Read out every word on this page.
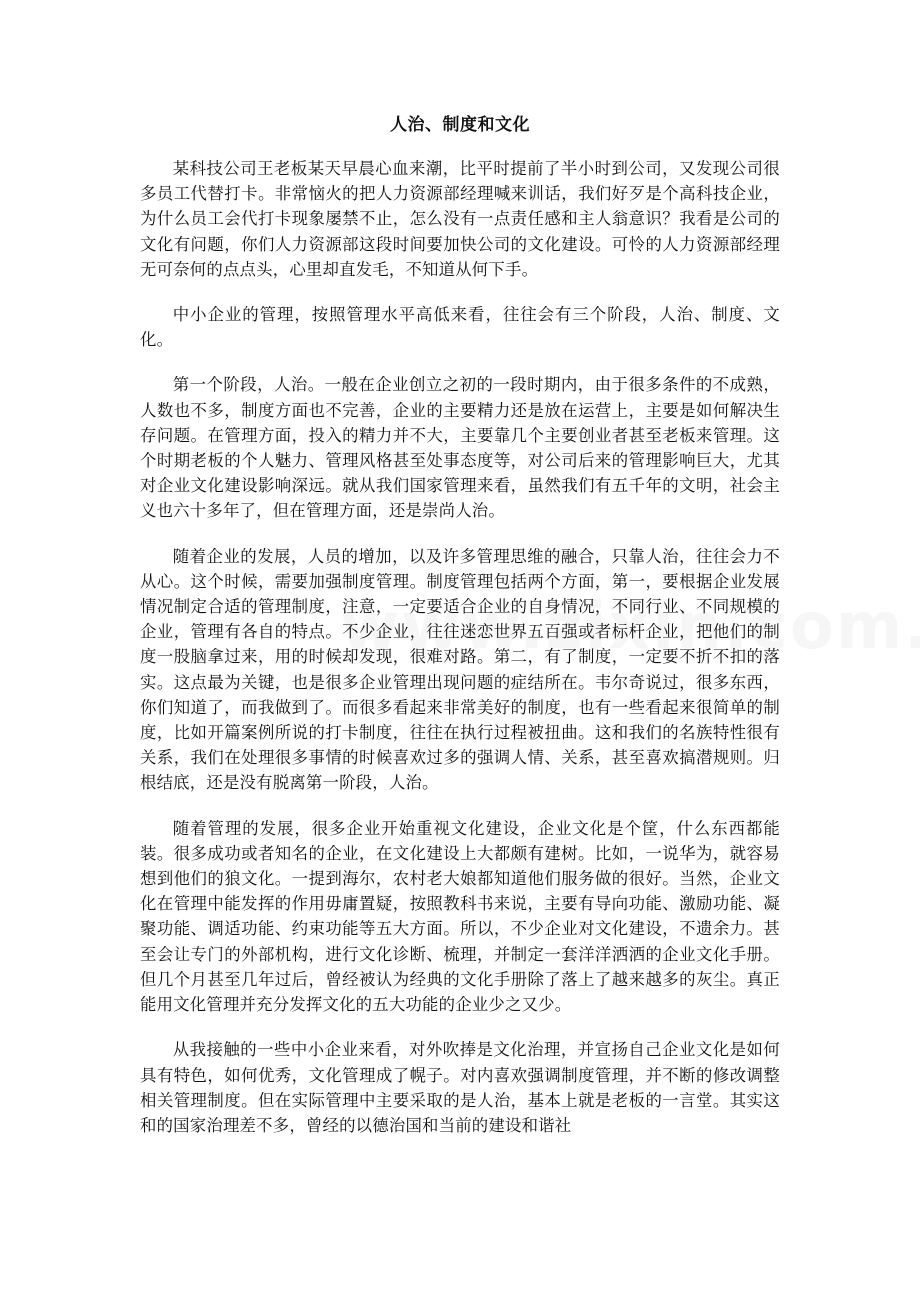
人治、制度和文化

某科技公司王老板某天早晨心血来潮，比平时提前了半小时到公司，又发现公司很多员工代替打卡。非常恼火的把人力资源部经理喊来训话，我们好歹是个高科技企业，为什么员工会代打卡现象屡禁不止，怎么没有一点责任感和主人翁意识？我看是公司的文化有问题，你们人力资源部这段时间要加快公司的文化建设。可怜的人力资源部经理无可奈何的点点头，心里却直发毛，不知道从何下手。

中小企业的管理，按照管理水平高低来看，往往会有三个阶段，人治、制度、文化。

第一个阶段，人治。一般在企业创立之初的一段时期内，由于很多条件的不成熟，人数也不多，制度方面也不完善，企业的主要精力还是放在运营上，主要是如何解决生存问题。在管理方面，投入的精力并不大，主要靠几个主要创业者甚至老板来管理。这个时期老板的个人魅力、管理风格甚至处事态度等，对公司后来的管理影响巨大，尤其对企业文化建设影响深远。就从我们国家管理来看，虽然我们有五千年的文明，社会主义也六十多年了，但在管理方面，还是崇尚人治。

随着企业的发展，人员的增加，以及许多管理思维的融合，只靠人治，往往会力不从心。这个时候，需要加强制度管理。制度管理包括两个方面，第一，要根据企业发展情况制定合适的管理制度，注意，一定要适合企业的自身情况，不同行业、不同规模的企业，管理有各自的特点。不少企业，往往迷恋世界五百强或者标杆企业，把他们的制度一股脑拿过来，用的时候却发现，很难对路。第二，有了制度，一定要不折不扣的落实。这点最为关键，也是很多企业管理出现问题的症结所在。韦尔奇说过，很多东西，你们知道了，而我做到了。而很多看起来非常美好的制度，也有一些看起来很简单的制度，比如开篇案例所说的打卡制度，往往在执行过程被扭曲。这和我们的名族特性很有关系，我们在处理很多事情的时候喜欢过多的强调人情、关系，甚至喜欢搞潜规则。归根结底，还是没有脱离第一阶段，人治。

随着管理的发展，很多企业开始重视文化建设，企业文化是个筐，什么东西都能装。很多成功或者知名的企业，在文化建设上大都颇有建树。比如，一说华为，就容易想到他们的狼文化。一提到海尔，农村老大娘都知道他们服务做的很好。当然，企业文化在管理中能发挥的作用毋庸置疑，按照教科书来说，主要有导向功能、激励功能、凝聚功能、调适功能、约束功能等五大方面。所以，不少企业对文化建设，不遗余力。甚至会让专门的外部机构，进行文化诊断、梳理，并制定一套洋洋洒洒的企业文化手册。但几个月甚至几年过后，曾经被认为经典的文化手册除了落上了越来越多的灰尘。真正能用文化管理并充分发挥文化的五大功能的企业少之又少。

从我接触的一些中小企业来看，对外吹捧是文化治理，并宣扬自己企业文化是如何具有特色，如何优秀，文化管理成了幌子。对内喜欢强调制度管理，并不断的修改调整相关管理制度。但在实际管理中主要采取的是人治，基本上就是老板的一言堂。其实这和的国家治理差不多，曾经的以德治国和当前的建设和谐社
